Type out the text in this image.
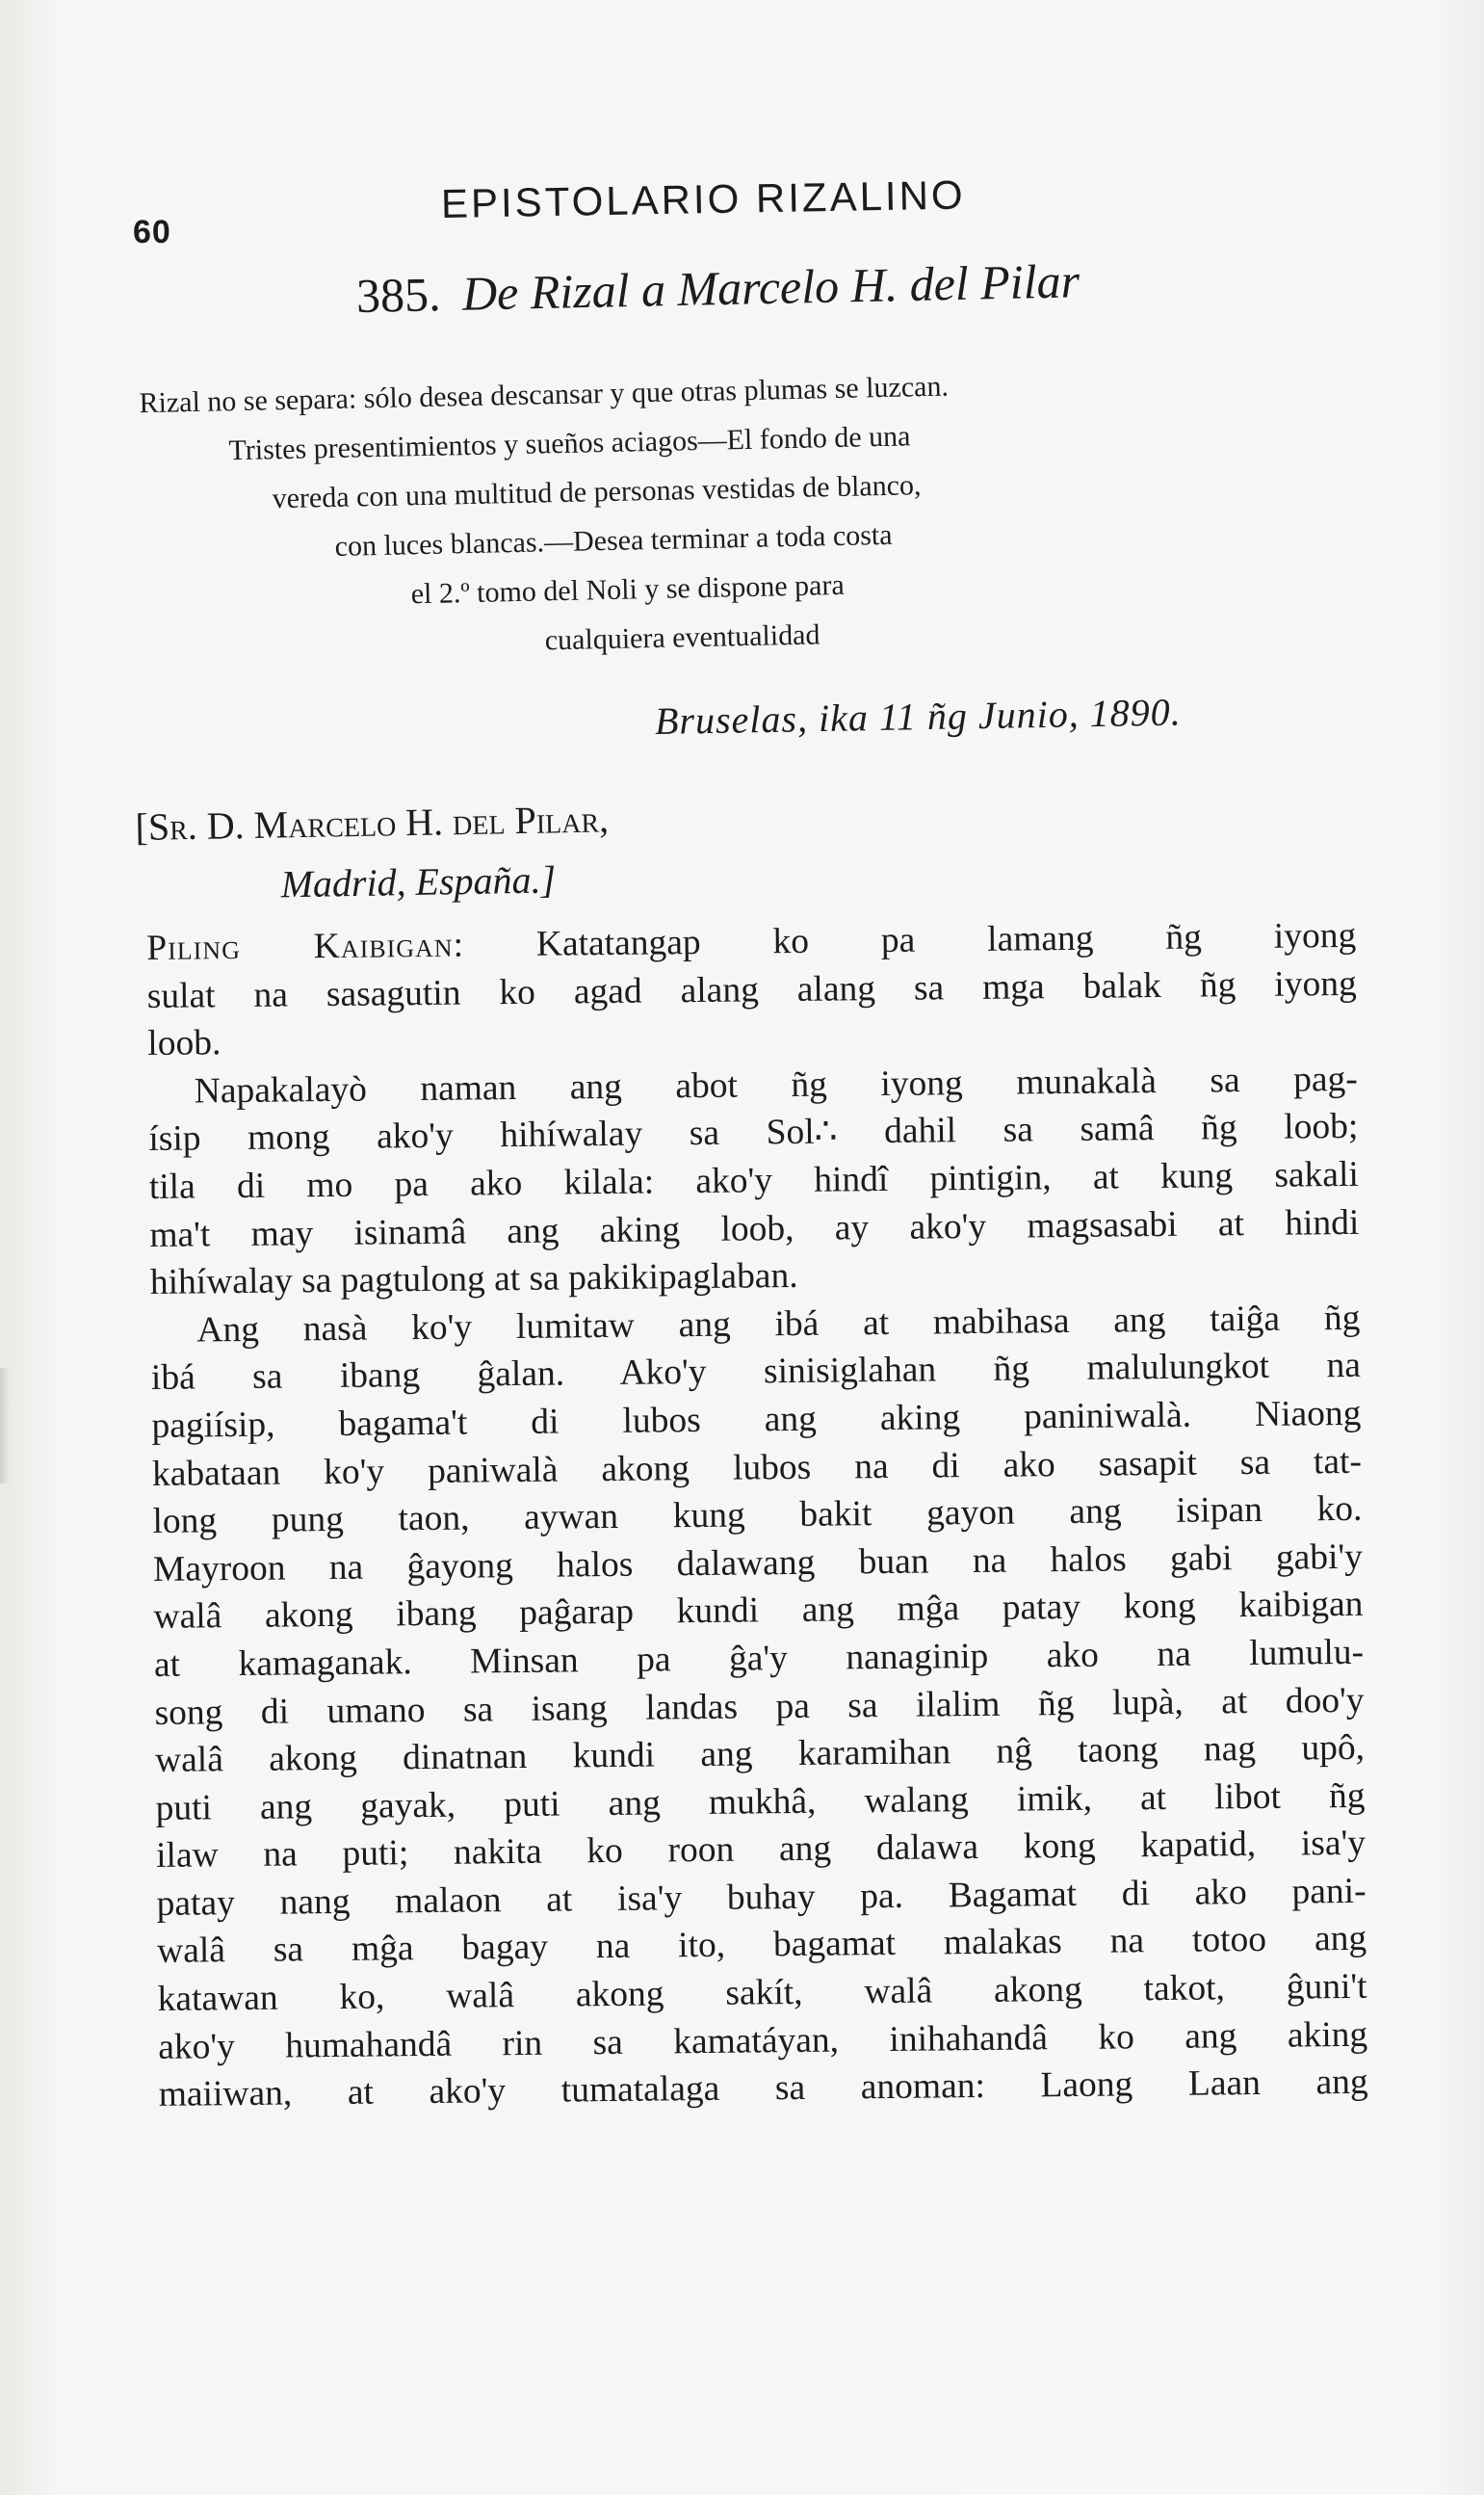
60
EPISTOLARIO RIZALINO
385. De Rizal a Marcelo H. del Pilar
Rizal no se separa: sólo desea descansar y que otras plumas se luzcan.
Tristes presentimientos y sueños aciagos—El fondo de una
vereda con una multitud de personas vestidas de blanco,
con luces blancas.—Desea terminar a toda costa
el 2.º tomo del Noli y se dispone para
cualquiera eventualidad
Bruselas, ika 11 ñg Junio, 1890.
[Sr. D. Marcelo H. del Pilar,
Madrid, España.]
Piling Kaibigan: Katatangap ko pa lamang ñg iyong
sulat na sasagutin ko agad alang alang sa mga balak ñg iyong
loob.
Napakalayò naman ang abot ñg iyong munakalà sa pag-
ísip mong ako'y hihíwalay sa Sol∴ dahil sa samâ ñg loob;
tila di mo pa ako kilala: ako'y hindî pintigin, at kung sakali
ma't may isinamâ ang aking loob, ay ako'y magsasabi at hindi
hihíwalay sa pagtulong at sa pakikipaglaban.
Ang nasà ko'y lumitaw ang ibá at mabihasa ang taiĝa ñg
ibá sa ibang ĝalan. Ako'y sinisiglahan ñg malulungkot na
pagiísip, bagama't di lubos ang aking paniniwalà. Niaong
kabataan ko'y paniwalà akong lubos na di ako sasapit sa tat-
long pung taon, aywan kung bakit gayon ang isipan ko.
Mayroon na ĝayong halos dalawang buan na halos gabi gabi'y
walâ akong ibang paĝarap kundi ang mĝa patay kong kaibigan
at kamaganak. Minsan pa ĝa'y nanaginip ako na lumulu-
song di umano sa isang landas pa sa ilalim ñg lupà, at doo'y
walâ akong dinatnan kundi ang karamihan nĝ taong nag upô,
puti ang gayak, puti ang mukhâ, walang imik, at libot ñg
ilaw na puti; nakita ko roon ang dalawa kong kapatid, isa'y
patay nang malaon at isa'y buhay pa. Bagamat di ako pani-
walâ sa mĝa bagay na ito, bagamat malakas na totoo ang
katawan ko, walâ akong sakít, walâ akong takot, ĝuni't
ako'y humahandâ rin sa kamatáyan, inihahandâ ko ang aking
maiiwan, at ako'y tumatalaga sa anoman: Laong Laan ang
